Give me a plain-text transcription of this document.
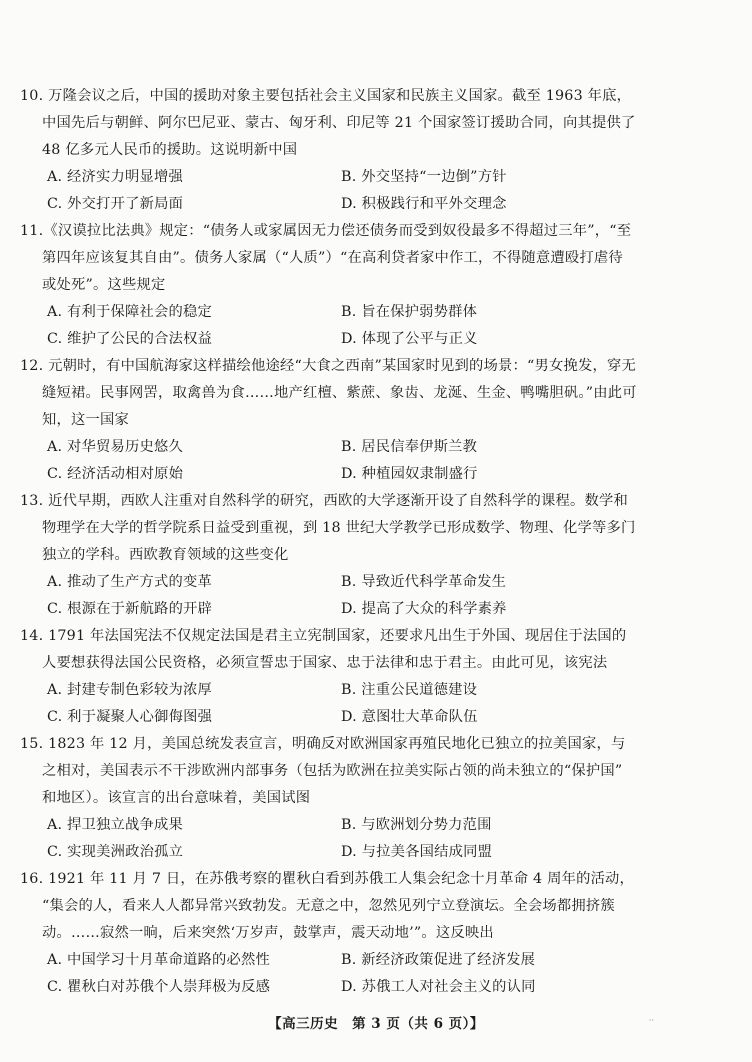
10. 万隆会议之后，中国的援助对象主要包括社会主义国家和民族主义国家。截至 1963 年底，
中国先后与朝鲜、阿尔巴尼亚、蒙古、匈牙利、印尼等 21 个国家签订援助合同，向其提供了
48 亿多元人民币的援助。这说明新中国
A. 经济实力明显增强	B. 外交坚持“一边倒”方针
C. 外交打开了新局面	D. 积极践行和平外交理念
11.《汉谟拉比法典》规定：“债务人或家属因无力偿还债务而受到奴役最多不得超过三年”，“至
第四年应该复其自由”。债务人家属（“人质”）“在高利贷者家中作工，不得随意遭殴打虐待
或处死”。这些规定
A. 有利于保障社会的稳定	B. 旨在保护弱势群体
C. 维护了公民的合法权益	D. 体现了公平与正义
12. 元朝时，有中国航海家这样描绘他途经“大食之西南”某国家时见到的场景：“男女挽发，穿无
缝短裙。民事网罟，取禽兽为食……地产红檀、紫蔗、象齿、龙涎、生金、鸭嘴胆矾。”由此可
知，这一国家
A. 对华贸易历史悠久	B. 居民信奉伊斯兰教
C. 经济活动相对原始	D. 种植园奴隶制盛行
13. 近代早期，西欧人注重对自然科学的研究，西欧的大学逐渐开设了自然科学的课程。数学和
物理学在大学的哲学院系日益受到重视，到 18 世纪大学教学已形成数学、物理、化学等多门
独立的学科。西欧教育领域的这些变化
A. 推动了生产方式的变革	B. 导致近代科学革命发生
C. 根源在于新航路的开辟	D. 提高了大众的科学素养
14. 1791 年法国宪法不仅规定法国是君主立宪制国家，还要求凡出生于外国、现居住于法国的
人要想获得法国公民资格，必须宣誓忠于国家、忠于法律和忠于君主。由此可见，该宪法
A. 封建专制色彩较为浓厚	B. 注重公民道德建设
C. 利于凝聚人心御侮图强	D. 意图壮大革命队伍
15. 1823 年 12 月，美国总统发表宣言，明确反对欧洲国家再殖民地化已独立的拉美国家，与
之相对，美国表示不干涉欧洲内部事务（包括为欧洲在拉美实际占领的尚未独立的“保护国”
和地区）。该宣言的出台意味着，美国试图
A. 捍卫独立战争成果	B. 与欧洲划分势力范围
C. 实现美洲政治孤立	D. 与拉美各国结成同盟
16. 1921 年 11 月 7 日，在苏俄考察的瞿秋白看到苏俄工人集会纪念十月革命 4 周年的活动，
“集会的人，看来人人都异常兴致勃发。无意之中，忽然见列宁立登演坛。全会场都拥挤簇
动。……寂然一晌，后来突然‘万岁声，鼓掌声，震天动地’”。这反映出
A. 中国学习十月革命道路的必然性	B. 新经济政策促进了经济发展
C. 瞿秋白对苏俄个人崇拜极为反感	D. 苏俄工人对社会主义的认同
【高三历史　第 3 页（共 6 页）】	··
